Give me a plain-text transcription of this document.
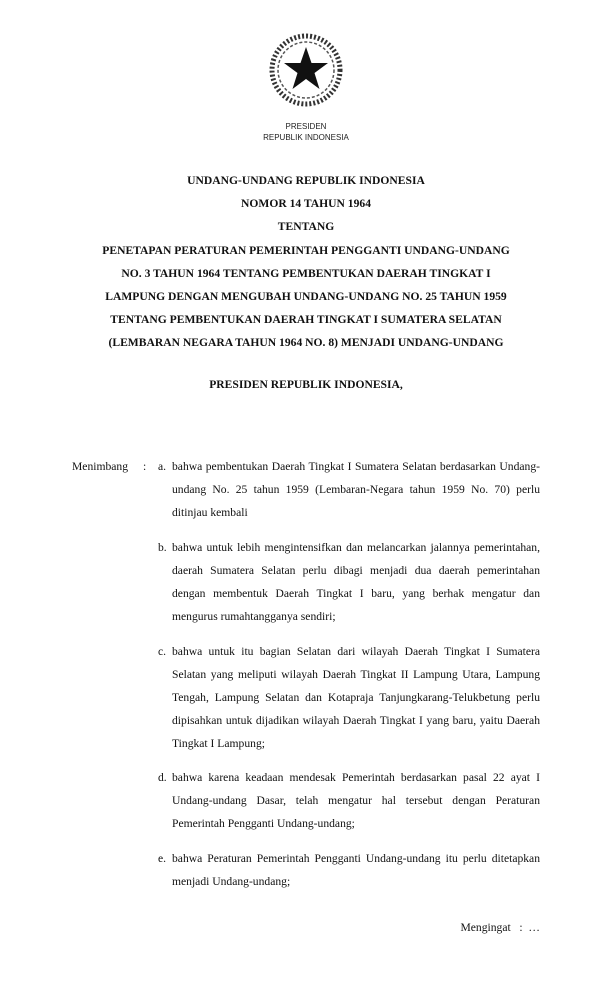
PRESIDEN
REPUBLIK INDONESIA
UNDANG-UNDANG REPUBLIK INDONESIA
NOMOR 14 TAHUN 1964
TENTANG
PENETAPAN PERATURAN PEMERINTAH PENGGANTI UNDANG-UNDANG
NO. 3 TAHUN 1964 TENTANG PEMBENTUKAN DAERAH TINGKAT I
LAMPUNG DENGAN MENGUBAH UNDANG-UNDANG NO. 25 TAHUN 1959
TENTANG PEMBENTUKAN DAERAH TINGKAT I SUMATERA SELATAN
(LEMBARAN NEGARA TAHUN 1964 NO. 8) MENJADI UNDANG-UNDANG
PRESIDEN REPUBLIK INDONESIA,
Menimbang : a. bahwa pembentukan Daerah Tingkat I Sumatera Selatan berdasarkan Undang-undang No. 25 tahun 1959 (Lembaran-Negara tahun 1959 No. 70) perlu ditinjau kembali
b. bahwa untuk lebih mengintensifkan dan melancarkan jalannya pemerintahan, daerah Sumatera Selatan perlu dibagi menjadi dua daerah pemerintahan dengan membentuk Daerah Tingkat I baru, yang berhak mengatur dan mengurus rumahtangganya sendiri;
c. bahwa untuk itu bagian Selatan dari wilayah Daerah Tingkat I Sumatera Selatan yang meliputi wilayah Daerah Tingkat II Lampung Utara, Lampung Tengah, Lampung Selatan dan Kotapraja Tanjungkarang-Telukbetung perlu dipisahkan untuk dijadikan wilayah Daerah Tingkat I yang baru, yaitu Daerah Tingkat I Lampung;
d. bahwa karena keadaan mendesak Pemerintah berdasarkan pasal 22 ayat I Undang-undang Dasar, telah mengatur hal tersebut dengan Peraturan Pemerintah Pengganti Undang-undang;
e. bahwa Peraturan Pemerintah Pengganti Undang-undang itu perlu ditetapkan menjadi Undang-undang;
Mengingat   :  …
